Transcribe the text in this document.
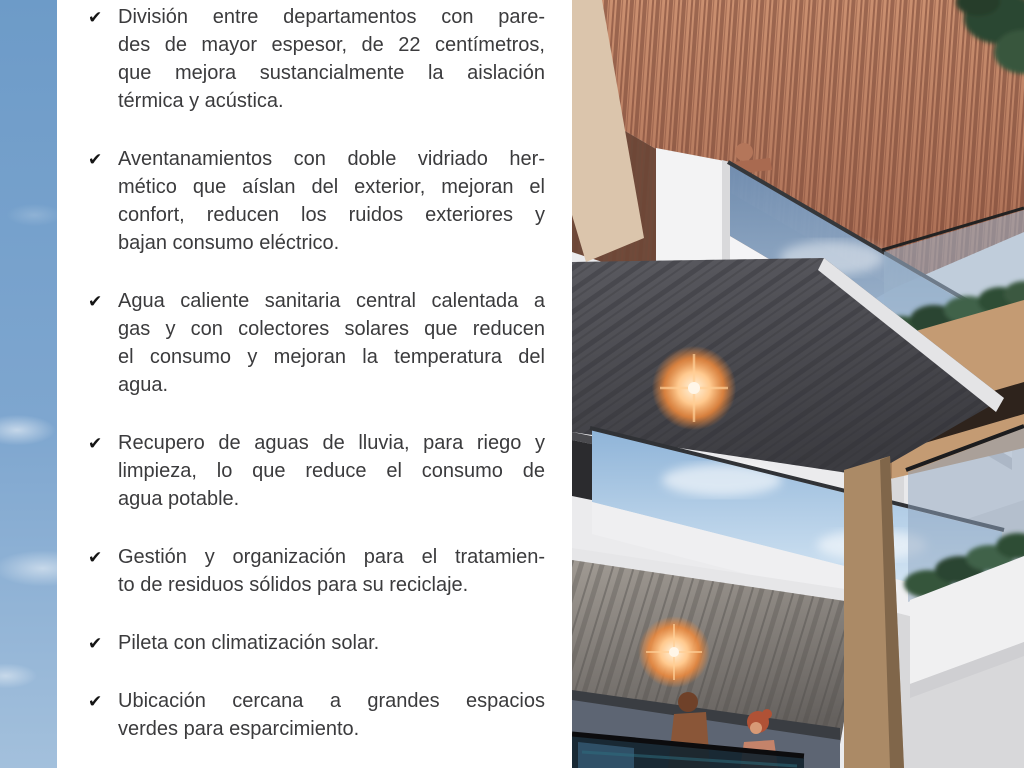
✔ División entre departamentos con pare-
des de mayor espesor, de 22 centímetros,
que mejora sustancialmente la aislación
térmica y acústica.
✔ Aventanamientos con doble vidriado her-
mético que aíslan del exterior, mejoran el
confort, reducen los ruidos exteriores y
bajan consumo eléctrico.
✔ Agua caliente sanitaria central calentada a
gas y con colectores solares que reducen
el consumo y mejoran la temperatura del
agua.
✔ Recupero de aguas de lluvia, para riego y
limpieza, lo que reduce el consumo de
agua potable.
✔ Gestión y organización para el tratamien-
to de residuos sólidos para su reciclaje.
✔ Pileta con climatización solar.
✔ Ubicación cercana a grandes espacios
verdes para esparcimiento.
